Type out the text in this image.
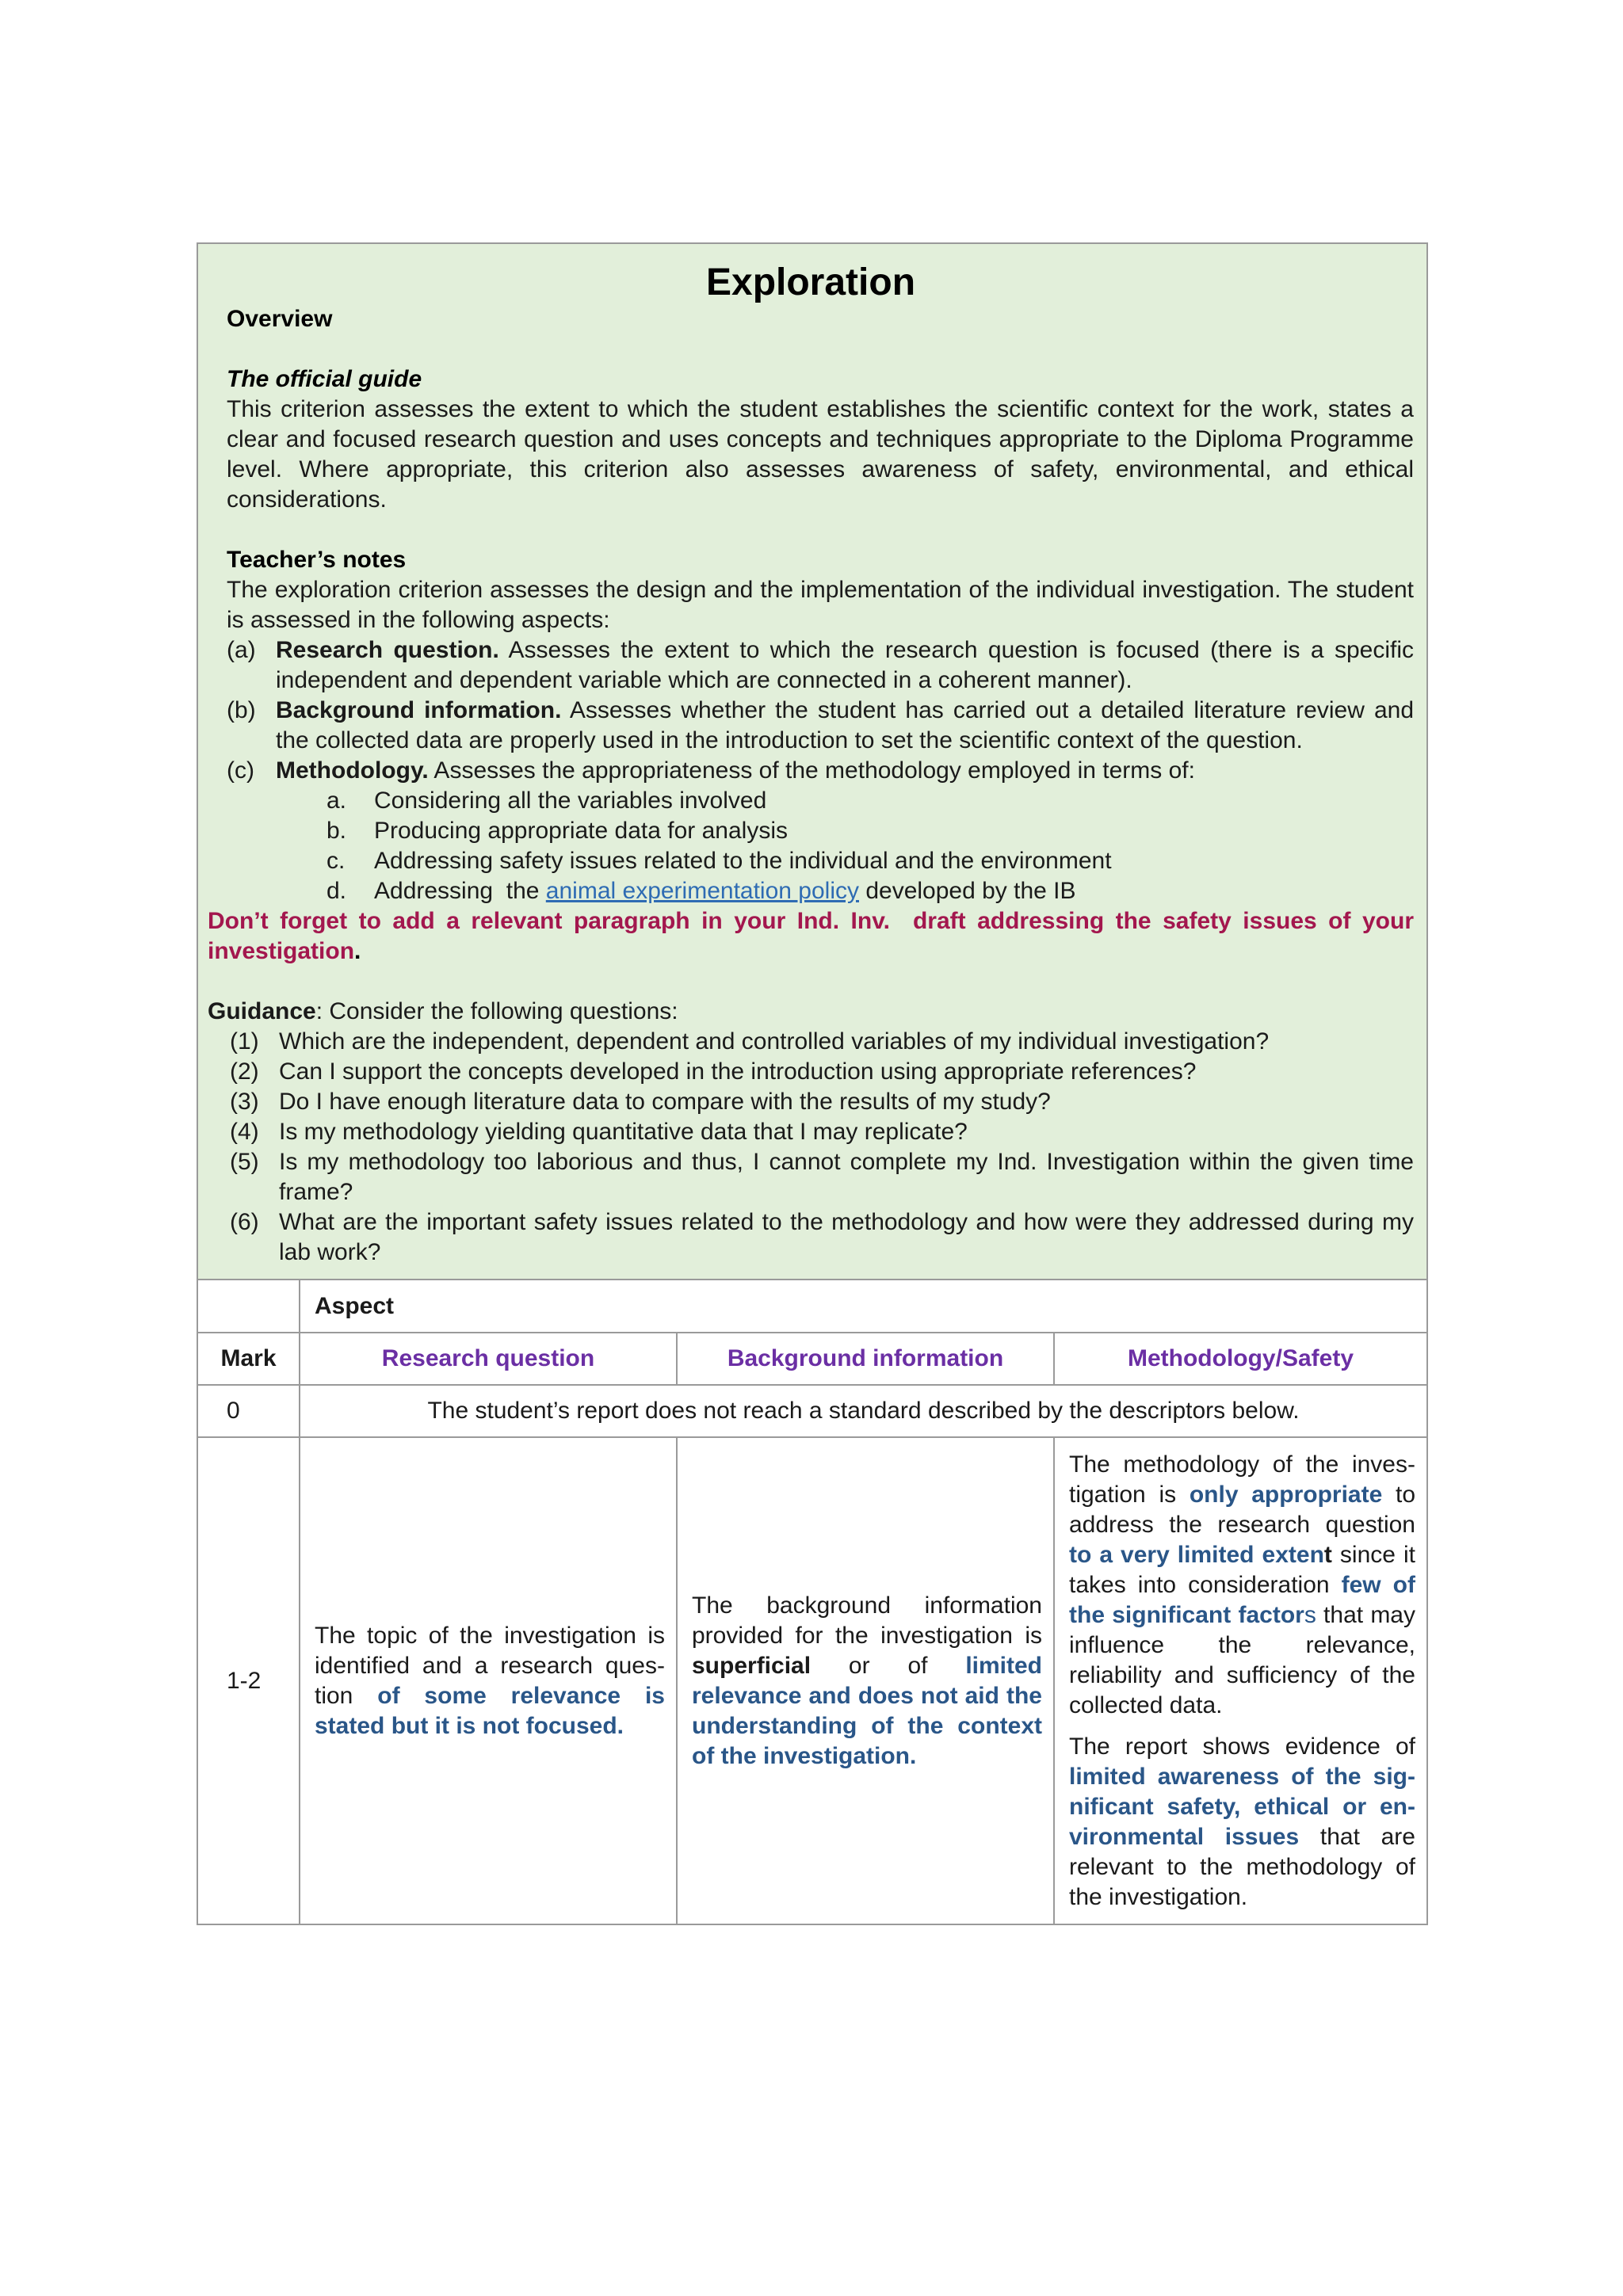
Exploration
Overview
The official guide
This criterion assesses the extent to which the student establishes the scientific context for the work, states a clear and focused research question and uses concepts and techniques appropriate to the Diploma Programme level. Where appropriate, this criterion also assesses awareness of safety, environmental, and ethical considerations.
Teacher’s notes
The exploration criterion assesses the design and the implementation of the individual investigation. The student is assessed in the following aspects:
(a) Research question. Assesses the extent to which the research question is focused (there is a specific independent and dependent variable which are connected in a coherent manner).
(b) Background information. Assesses whether the student has carried out a detailed literature review and the collected data are properly used in the introduction to set the scientific context of the question.
(c) Methodology. Assesses the appropriateness of the methodology employed in terms of:
a.	Considering all the variables involved
b.	Producing appropriate data for analysis
c.	Addressing safety issues related to the individual and the environment
d.	Addressing  the animal experimentation policy developed by the IB
Don’t forget to add a relevant paragraph in your Ind. Inv.  draft addressing the safety issues of your investigation.
Guidance: Consider the following questions:
(1) Which are the independent, dependent and controlled variables of my individual investigation?
(2) Can I support the concepts developed in the introduction using appropriate references?
(3) Do I have enough literature data to compare with the results of my study?
(4) Is my methodology yielding quantitative data that I may replicate?
(5) Is my methodology too laborious and thus, I cannot complete my Ind. Investigation within the given time frame?
(6) What are the important safety issues related to the methodology and how were they addressed during my lab work?
	Aspect		
Mark	Research question	Background information	Methodology/Safety
0	The student’s report does not reach a standard described by the descriptors below.		
1-2	The topic of the investigation is identified and a research question of some relevance is stated but it is not focused.	The background information provided for the investigation is superficial or of limited relevance and does not aid the understanding of the context of the investigation.	The methodology of the investigation is only appropriate to address the research question to a very limited extent since it takes into consideration few of the significant factors that may influence the relevance, reliability and sufficiency of the collected data.

The report shows evidence of limited awareness of the significant safety, ethical or environmental issues that are relevant to the methodology of the investigation.
